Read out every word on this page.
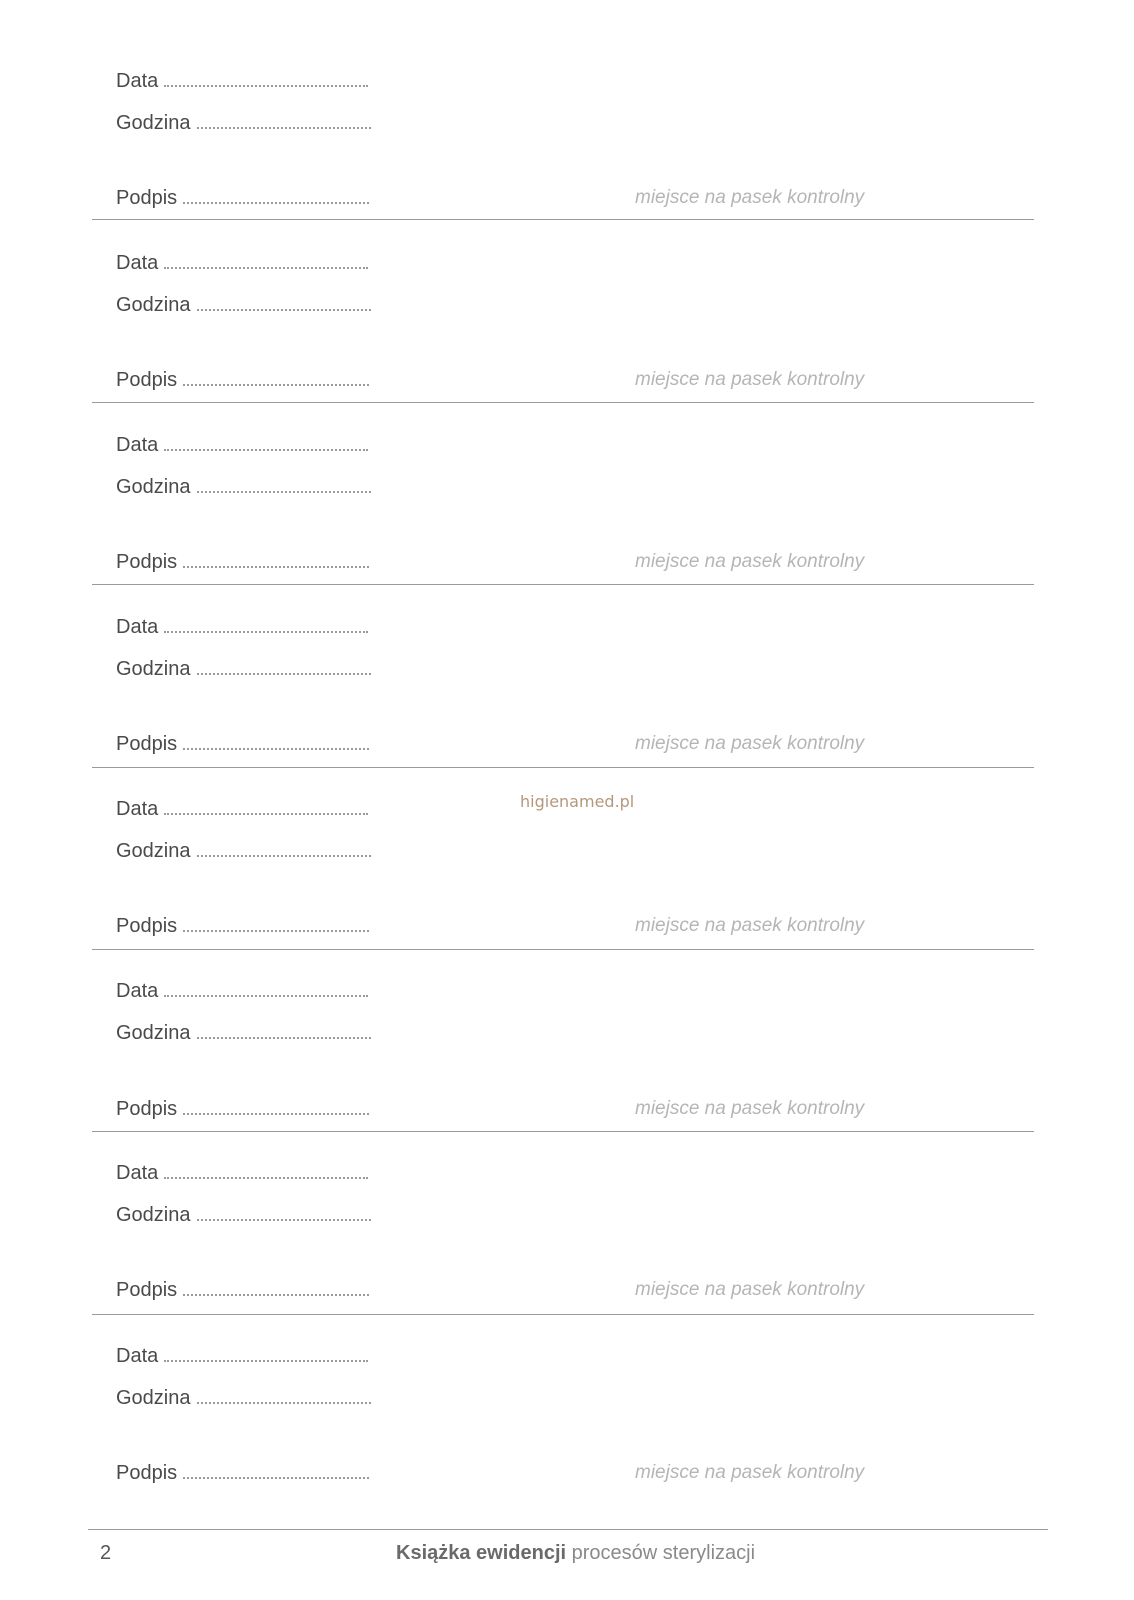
Data
Godzina
Podpis	miejsce na pasek kontrolny
Data
Godzina
Podpis	miejsce na pasek kontrolny
Data
Godzina
Podpis	miejsce na pasek kontrolny
Data
Godzina
Podpis	miejsce na pasek kontrolny
Data
Godzina
Podpis	miejsce na pasek kontrolny
Data
Godzina
Podpis	miejsce na pasek kontrolny
Data
Godzina
Podpis	miejsce na pasek kontrolny
Data
Godzina
Podpis	miejsce na pasek kontrolny
higienamed.pl
2	Książka ewidencji procesów sterylizacji
